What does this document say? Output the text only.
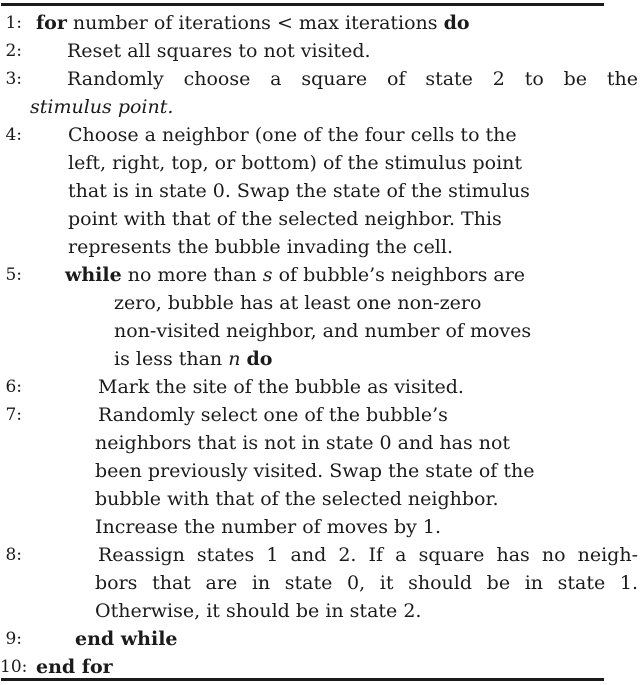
1: for number of iterations < max iterations do
2: Reset all squares to not visited.
3: Randomly choose a square of state 2 to be the
stimulus point.
4: Choose a neighbor (one of the four cells to the
left, right, top, or bottom) of the stimulus point
that is in state 0. Swap the state of the stimulus
point with that of the selected neighbor. This
represents the bubble invading the cell.
5: while no more than s of bubble’s neighbors are
zero, bubble has at least one non-zero
non-visited neighbor, and number of moves
is less than n do
6:	Mark the site of the bubble as visited.
7:	Randomly select one of the bubble’s
neighbors that is not in state 0 and has not
been previously visited. Swap the state of the
bubble with that of the selected neighbor.
Increase the number of moves by 1.
8:	Reassign states 1 and 2. If a square has no neigh-
bors that are in state 0, it should be in state 1.
Otherwise, it should be in state 2.
9:	end while
10: end for
